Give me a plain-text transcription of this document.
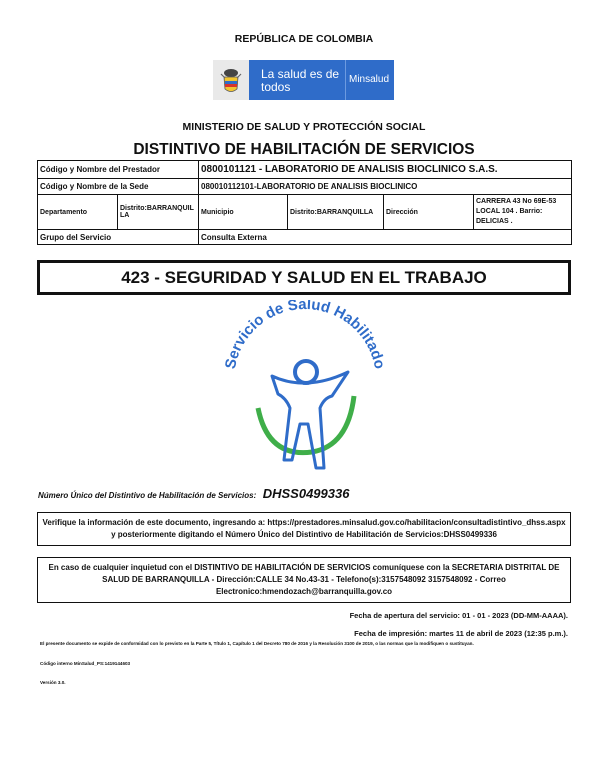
REPÚBLICA DE COLOMBIA
La salud es de todos
Minsalud
MINISTERIO DE SALUD Y PROTECCIÓN SOCIAL
DISTINTIVO DE HABILITACIÓN DE SERVICIOS
Código y Nombre del Prestador		0800101121 - LABORATORIO DE ANALISIS BIOCLINICO S.A.S.			
Código y Nombre de la Sede		080010112101-LABORATORIO DE ANALISIS BIOCLINICO			
Departamento	Distrito:BARRANQUILLA	Municipio	Distrito:BARRANQUILLA	Dirección	CARRERA 43 No 69E-53 LOCAL 104 . Barrio: DELICIAS .
Grupo del Servicio		Consulta Externa			
423 - SEGURIDAD Y SALUD EN EL TRABAJO
Servicio de Salud Habilitado
Número Único del Distintivo de Habilitación de Servicios: DHSS0499336
Verifique la información de este documento, ingresando a: https://prestadores.minsalud.gov.co/habilitacion/consultadistintivo_dhss.aspx
y posteriormente digitando el Número Único del Distintivo de Habilitación de Servicios:DHSS0499336
En caso de cualquier inquietud con el DISTINTIVO DE HABILITACIÓN DE SERVICIOS comuníquese con la SECRETARIA DISTRITAL DE
SALUD DE BARRANQUILLA - Dirección:CALLE 34 No.43-31 - Telefono(s):3157548092 3157548092 - Correo
Electronico:hmendozach@barranquilla.gov.co
Fecha de apertura del servicio: 01 - 01 - 2023 (DD-MM-AAAA).
Fecha de impresión: martes 11 de abril de 2023 (12:35 p.m.).
El presente documento se expide de conformidad con lo previsto en la Parte 5, Título 1, Capítulo 1 del Decreto 780 de 2016 y la Resolución 3100 de 2019, o las normas que la modifiquen o sustituyan.
Código interno MinSalud_PS:1419144603
Versión 3.0.
